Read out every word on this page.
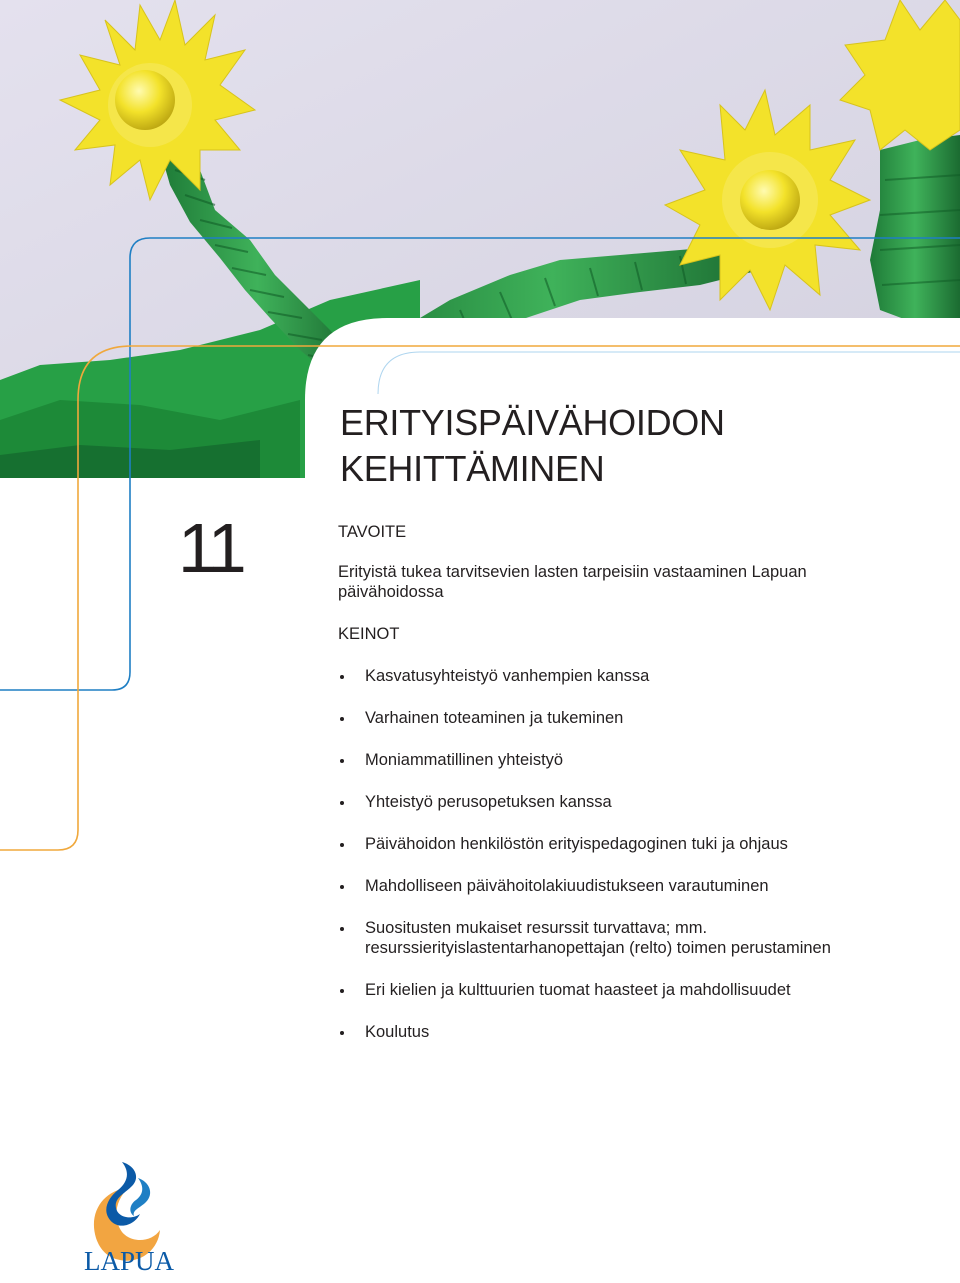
ERITYISPÄIVÄHOIDON
KEHITTÄMINEN
11	TAVOITE

Erityistä tukea tarvitsevien lasten tarpeisiin vastaaminen Lapuan päivähoidossa

KEINOT

Kasvatusyhteistyö vanhempien kanssa
Varhainen toteaminen ja tukeminen
Moniammatillinen yhteistyö
Yhteistyö perusopetuksen kanssa
Päivähoidon henkilöstön erityispedagoginen tuki ja ohjaus
Mahdolliseen päivähoitolakiuudistukseen varautuminen
Suositusten mukaiset resurssit turvattava; mm. resurssierityislastentarhanopettajan (relto) toimen perustaminen
Eri kielien ja kulttuurien tuomat haasteet ja mahdollisuudet
Koulutus
LAPUA
